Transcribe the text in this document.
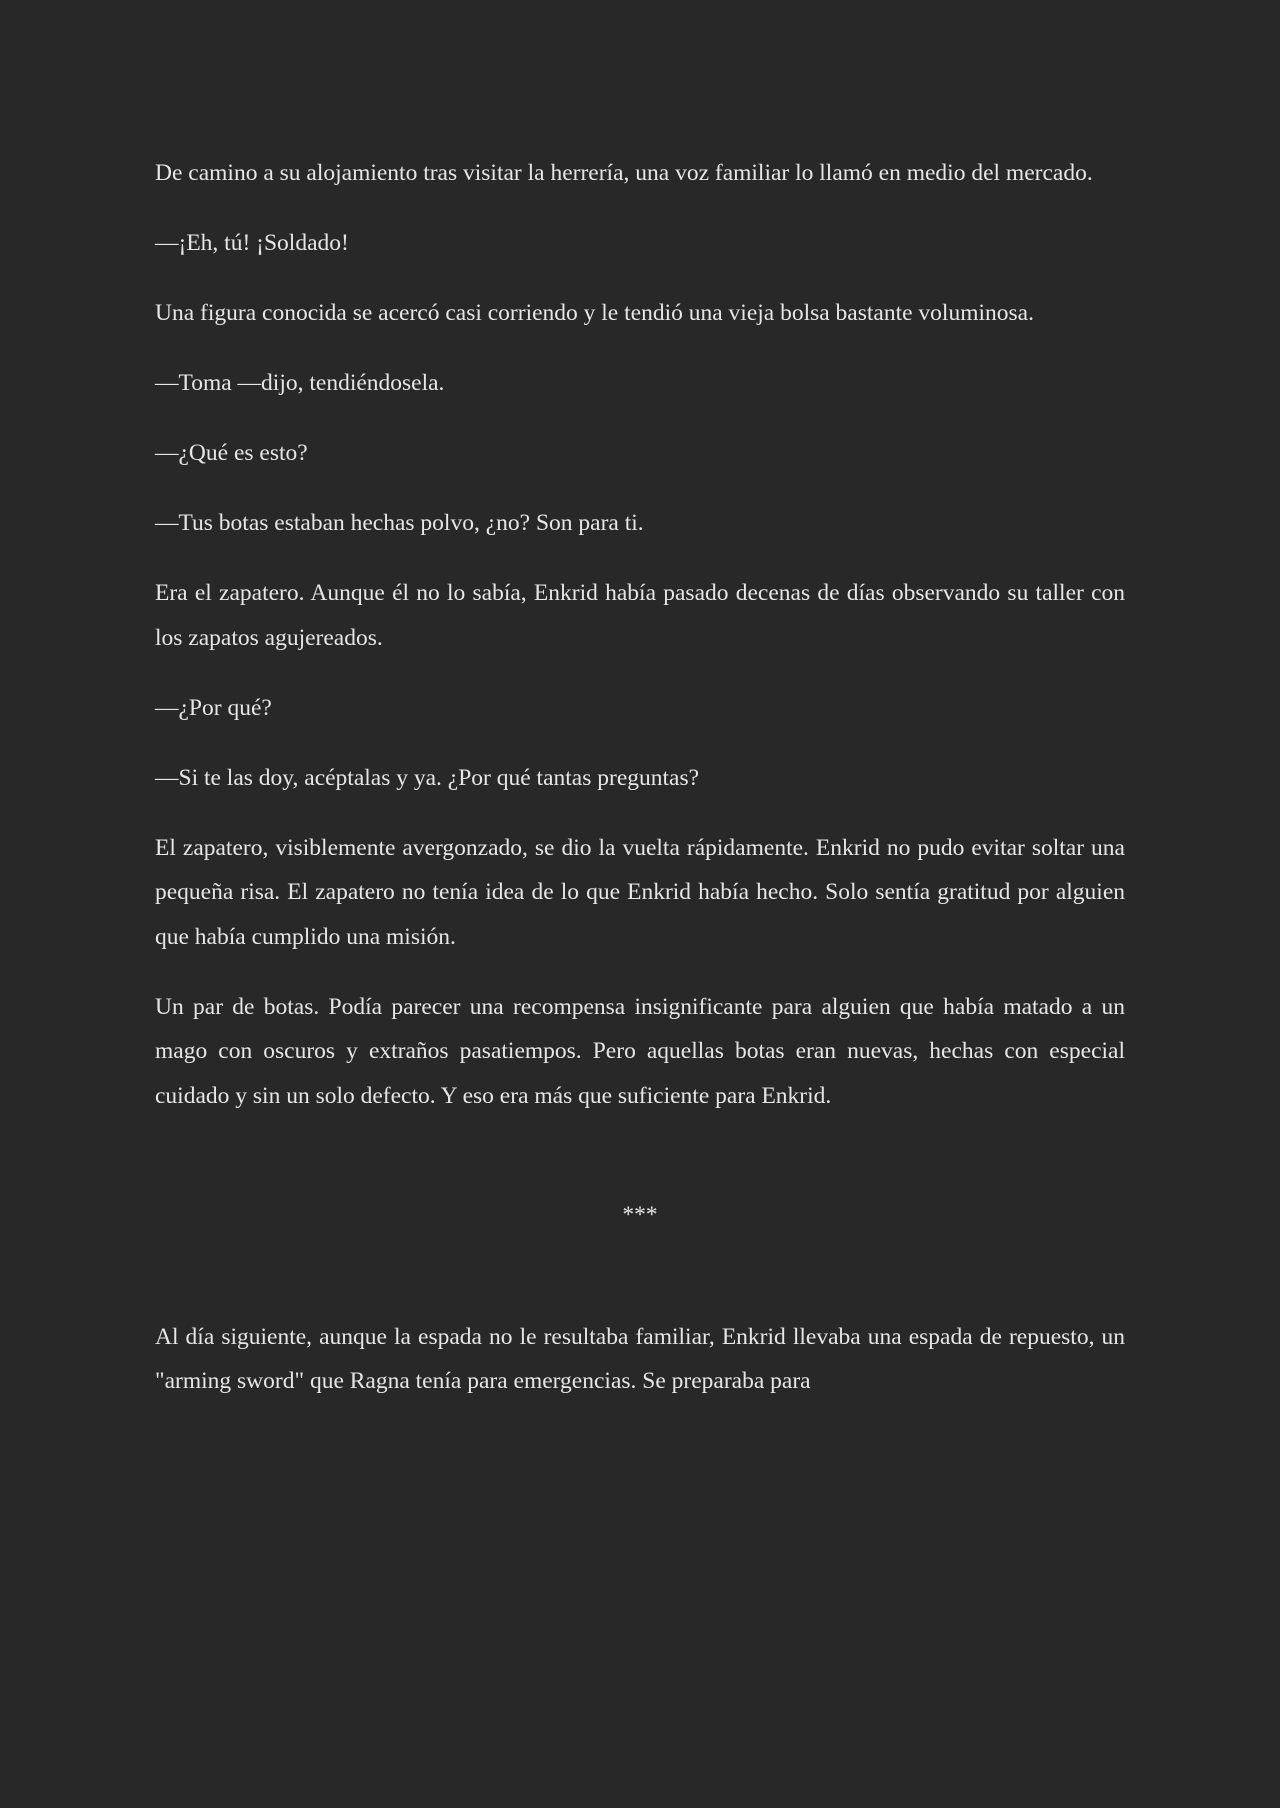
De camino a su alojamiento tras visitar la herrería, una voz familiar lo llamó en medio del mercado.

—¡Eh, tú! ¡Soldado!

Una figura conocida se acercó casi corriendo y le tendió una vieja bolsa bastante voluminosa.

—Toma —dijo, tendiéndosela.

—¿Qué es esto?

—Tus botas estaban hechas polvo, ¿no? Son para ti.

Era el zapatero. Aunque él no lo sabía, Enkrid había pasado decenas de días observando su taller con los zapatos agujereados.

—¿Por qué?

—Si te las doy, acéptalas y ya. ¿Por qué tantas preguntas?

El zapatero, visiblemente avergonzado, se dio la vuelta rápidamente. Enkrid no pudo evitar soltar una pequeña risa. El zapatero no tenía idea de lo que Enkrid había hecho. Solo sentía gratitud por alguien que había cumplido una misión.

Un par de botas. Podía parecer una recompensa insignificante para alguien que había matado a un mago con oscuros y extraños pasatiempos. Pero aquellas botas eran nuevas, hechas con especial cuidado y sin un solo defecto. Y eso era más que suficiente para Enkrid.

***

Al día siguiente, aunque la espada no le resultaba familiar, Enkrid llevaba una espada de repuesto, un "arming sword" que Ragna tenía para emergencias. Se preparaba para
